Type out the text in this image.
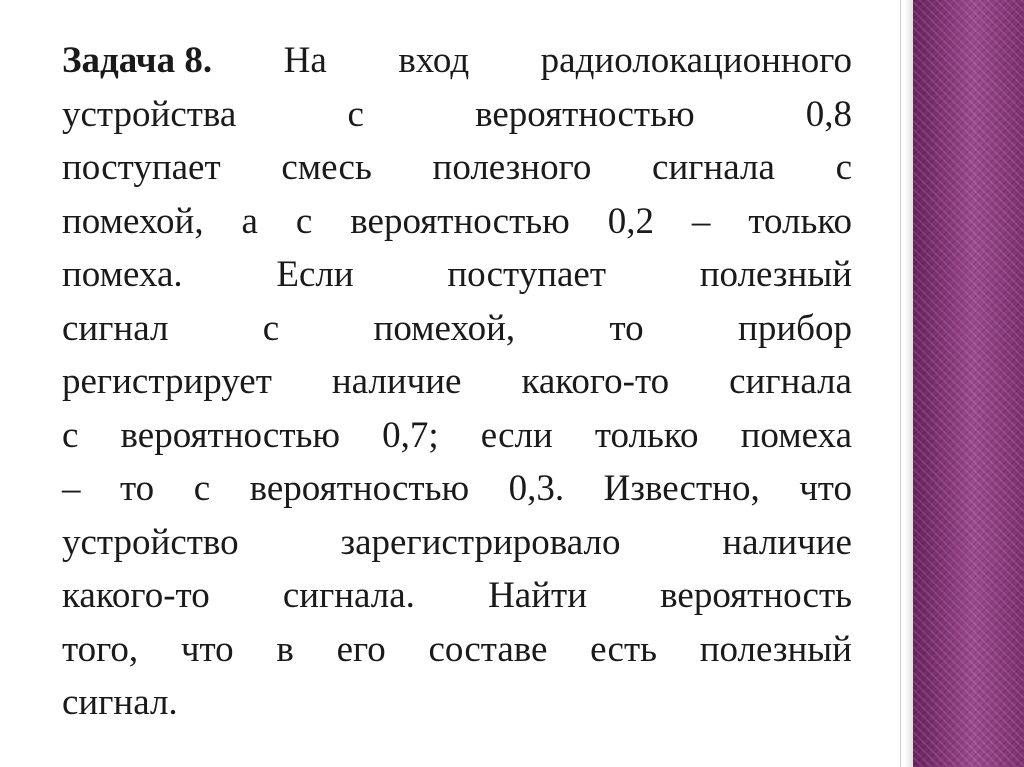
Задача 8. На вход радиолокационного
устройства	с	вероятностью	0,8
поступает смесь полезного сигнала с
помехой, а с вероятностью 0,2 – только
помеха.	Если	поступает	полезный
сигнал	с	помехой,	то	прибор
регистрирует наличие какого-то сигнала
с вероятностью 0,7; если только помеха
– то с вероятностью 0,3. Известно, что
устройство	зарегистрировало	наличие
какого-то сигнала. Найти вероятность
того, что в его составе есть полезный
сигнал.
